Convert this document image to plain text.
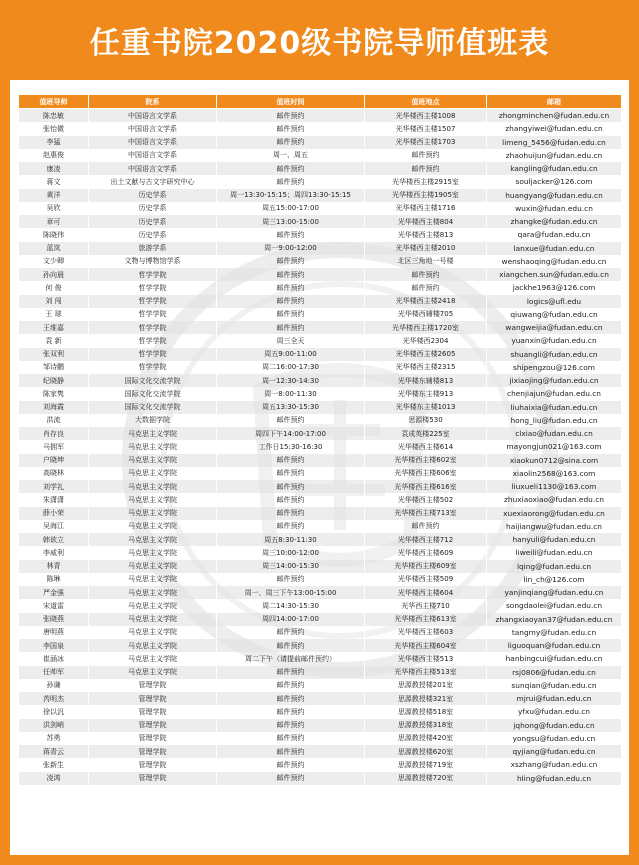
任重书院2020级书院导师值班表
值班导师	院系	值班时间	值班地点	邮箱
陈忠敏	中国语言文学系	邮件预约	光华楼西主楼1008	zhongminchen@fudan.edu.cn
张怡微	中国语言文学系	邮件预约	光华楼西主楼1507	zhangyiwei@fudan.edu.cn
李猛	中国语言文学系	邮件预约	光华楼西主楼1703	limeng_5456@fudan.edu.cn
赵惠俊	中国语言文学系	周一、周五	邮件预约	zhaohuijun@fudan.edu.cn
康凌	中国语言文学系	邮件预约	邮件预约	kangling@fudan.edu.cn
蒋文	出土文献与古文字研究中心	邮件预约	光华楼西主楼2915室	souljacker@126.com
黄洋	历史学系	周一13:30-15:15；周四13:30-15:15	光华楼西主楼1905室	huangyang@fudan.edu.cn
吴欣	历史学系	周五15:00-17:00	光华楼西主楼1716	wuxin@fudan.edu.cn
章可	历史学系	周三13:00-15:00	光华楼西主楼804	zhangke@fudan.edu.cn
陈晓伟	历史学系	邮件预约	光华楼西主楼813	qara@fudan.edu.cn
蓝岚	旅游学系	周一9:00-12:00	光华楼西主楼2010	lanxue@fudan.edu.cn
文少卿	文物与博物馆学系	邮件预约	北区三角地一号楼	wenshaoqing@fudan.edu.cn
孙向晨	哲学学院	邮件预约	邮件预约	xiangchen.sun@fudan.edu.cn
何 俊	哲学学院	邮件预约	邮件预约	jackhe1963@126.com
刘 闯	哲学学院	邮件预约	光华楼西主楼2418	logics@ufl.edu
王 球	哲学学院	邮件预约	光华楼西辅楼705	qiuwang@fudan.edu.cn
王维嘉	哲学学院	邮件预约	光华楼西主楼1720室	wangweijia@fudan.edu.cn
袁 新	哲学学院	周三全天	光华楼西2304	yuanxin@fudan.edu.cn
张双利	哲学学院	周五9:00-11:00	光华楼西主楼2605	shuangli@fudan.edu.cn
邹诗鹏	哲学学院	周二16:00-17:30	光华楼西主楼2315	shipengzou@126.com
纪晓静	国际文化交流学院	周一12:30-14:30	光华楼东辅楼813	jixiaojing@fudan.edu.cn
陈家隽	国际文化交流学院	周一8:00-11:30	光华楼东主楼913	chenjiajun@fudan.edu.cn
刘海霞	国际文化交流学院	周五13:30-15:30	光华楼东主楼1013	liuhaixia@fudan.edu.cn
洪流	大数据学院	邮件预约	思源楼530	hong_liu@fudan.edu.cn
肖存良	马克思主义学院	周四下午14:00-17:00	袁成英楼225室	clxiao@fudan.edu.cn
马拥军	马克思主义学院	工作日15:30-16:30	光华楼西主楼614	mayongjun021@163.com
户晓坤	马克思主义学院	邮件预约	光华楼西主楼602室	xiaokun0712@sina.com
高晓林	马克思主义学院	邮件预约	光华楼西主楼606室	xiaolin2568@163.com
刘学礼	马克思主义学院	邮件预约	光华楼西主楼616室	liuxueli1130@163.com
朱潇潇	马克思主义学院	邮件预约	光华楼西主楼502	zhuxiaoxiao@fudan.edu.cn
薛小荣	马克思主义学院	邮件预约	光华楼西主楼713室	xuexiaorong@fudan.edu.cn
吴海江	马克思主义学院	邮件预约	邮件预约	haijiangwu@fudan.edu.cn
韩欲立	马克思主义学院	周五8:30-11:30	光华楼西主楼712	hanyuli@fudan.edu.cn
李威利	马克思主义学院	周三10:00-12:00	光华楼西主楼609	liweili@fudan.edu.cn
林青	马克思主义学院	周三14:00-15:30	光华楼西主楼609室	lqing@fudan.edu.cn
陈琳	马克思主义学院	邮件预约	光华楼西主楼509	lin_ch@126.com
严金强	马克思主义学院	周一、周三下午13:00-15:00	光华楼西主楼604	yanjinqiang@fudan.edu.cn
宋道雷	马克思主义学院	周二14:30-15:30	光华西主楼710	songdaolei@fudan.edu.cn
张晓燕	马克思主义学院	周四14:00-17:00	光华楼西主楼613室	zhangxiaoyan37@fudan.edu.cn
唐明燕	马克思主义学院	邮件预约	光华楼西主楼603	tangmy@fudan.edu.cn
李国泉	马克思主义学院	邮件预约	光华楼西主楼604室	liguoquan@fudan.edu.cn
崔涵冰	马克思主义学院	周二下午（请提前邮件预约）	光华楼西主楼513	hanbingcui@fudan.edu.cn
任帅军	马克思主义学院	邮件预约	光华楼西主楼513室	rsj0806@fudan.edu.cn
孙谦	管理学院	邮件预约	思源教授楼201室	sunqian@fudan.edu.cn
芮明杰	管理学院	邮件预约	思源教授楼321室	mjrui@fudan.edu.cn
徐以汎	管理学院	邮件预约	思源教授楼518室	yfxu@fudan.edu.cn
洪剑峭	管理学院	邮件预约	思源教授楼318室	jqhong@fudan.edu.cn
苏勇	管理学院	邮件预约	思源教授楼420室	yongsu@fudan.edu.cn
蒋青云	管理学院	邮件预约	思源教授楼620室	qyjiang@fudan.edu.cn
张新生	管理学院	邮件预约	思源教授楼719室	xszhang@fudan.edu.cn
凌鸿	管理学院	邮件预约	思源教授楼720室	hling@fudan.edu.cn
